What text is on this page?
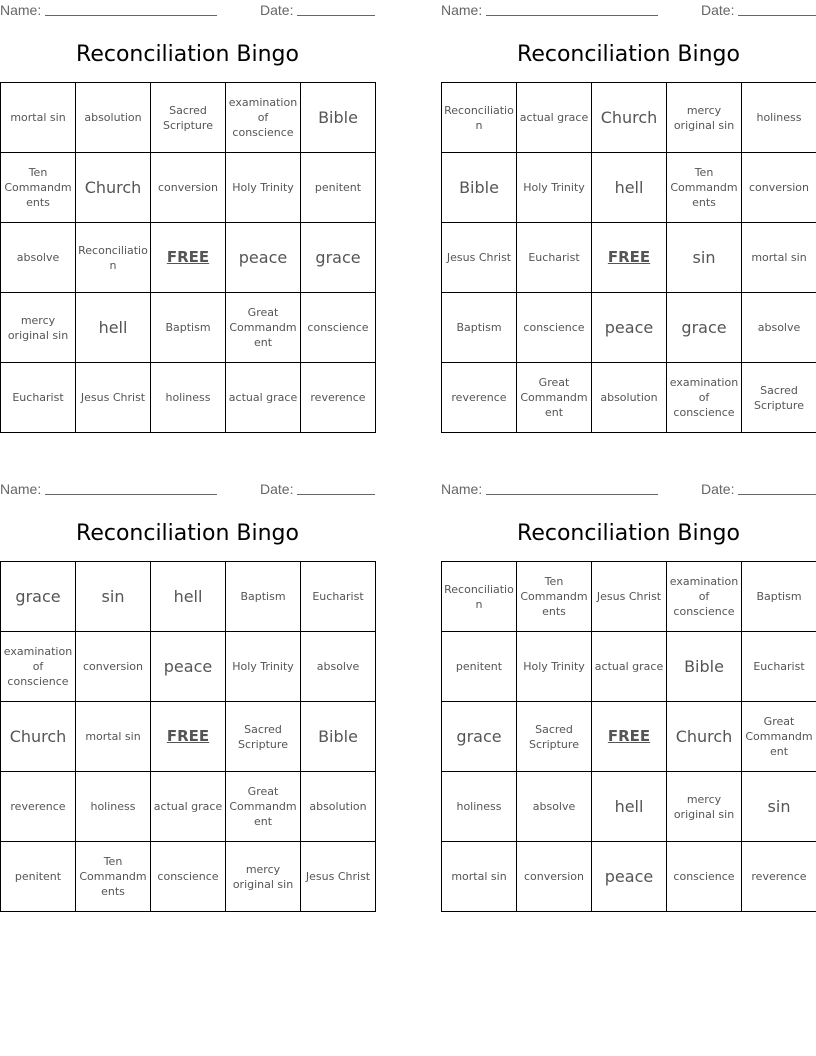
Name:	Date:
Reconciliation Bingo
mortal sin	absolution	Sacred Scripture	examination of conscience	Bible
Ten Commandments	Church	conversion	Holy Trinity	penitent
absolve	Reconciliation	FREE	peace	grace
mercy original sin	hell	Baptism	Great Commandment	conscience
Eucharist	Jesus Christ	holiness	actual grace	reverence
Name:	Date:
Reconciliation Bingo
Reconciliation	actual grace	Church	mercy original sin	holiness
Bible	Holy Trinity	hell	Ten Commandments	conversion
Jesus Christ	Eucharist	FREE	sin	mortal sin
Baptism	conscience	peace	grace	absolve
reverence	Great Commandment	absolution	examination of conscience	Sacred Scripture
Name:	Date:
Reconciliation Bingo
grace	sin	hell	Baptism	Eucharist
examination of conscience	conversion	peace	Holy Trinity	absolve
Church	mortal sin	FREE	Sacred Scripture	Bible
reverence	holiness	actual grace	Great Commandment	absolution
penitent	Ten Commandments	conscience	mercy original sin	Jesus Christ
Name:	Date:
Reconciliation Bingo
Reconciliation	Ten Commandments	Jesus Christ	examination of conscience	Baptism
penitent	Holy Trinity	actual grace	Bible	Eucharist
grace	Sacred Scripture	FREE	Church	Great Commandment
holiness	absolve	hell	mercy original sin	sin
mortal sin	conversion	peace	conscience	reverence
